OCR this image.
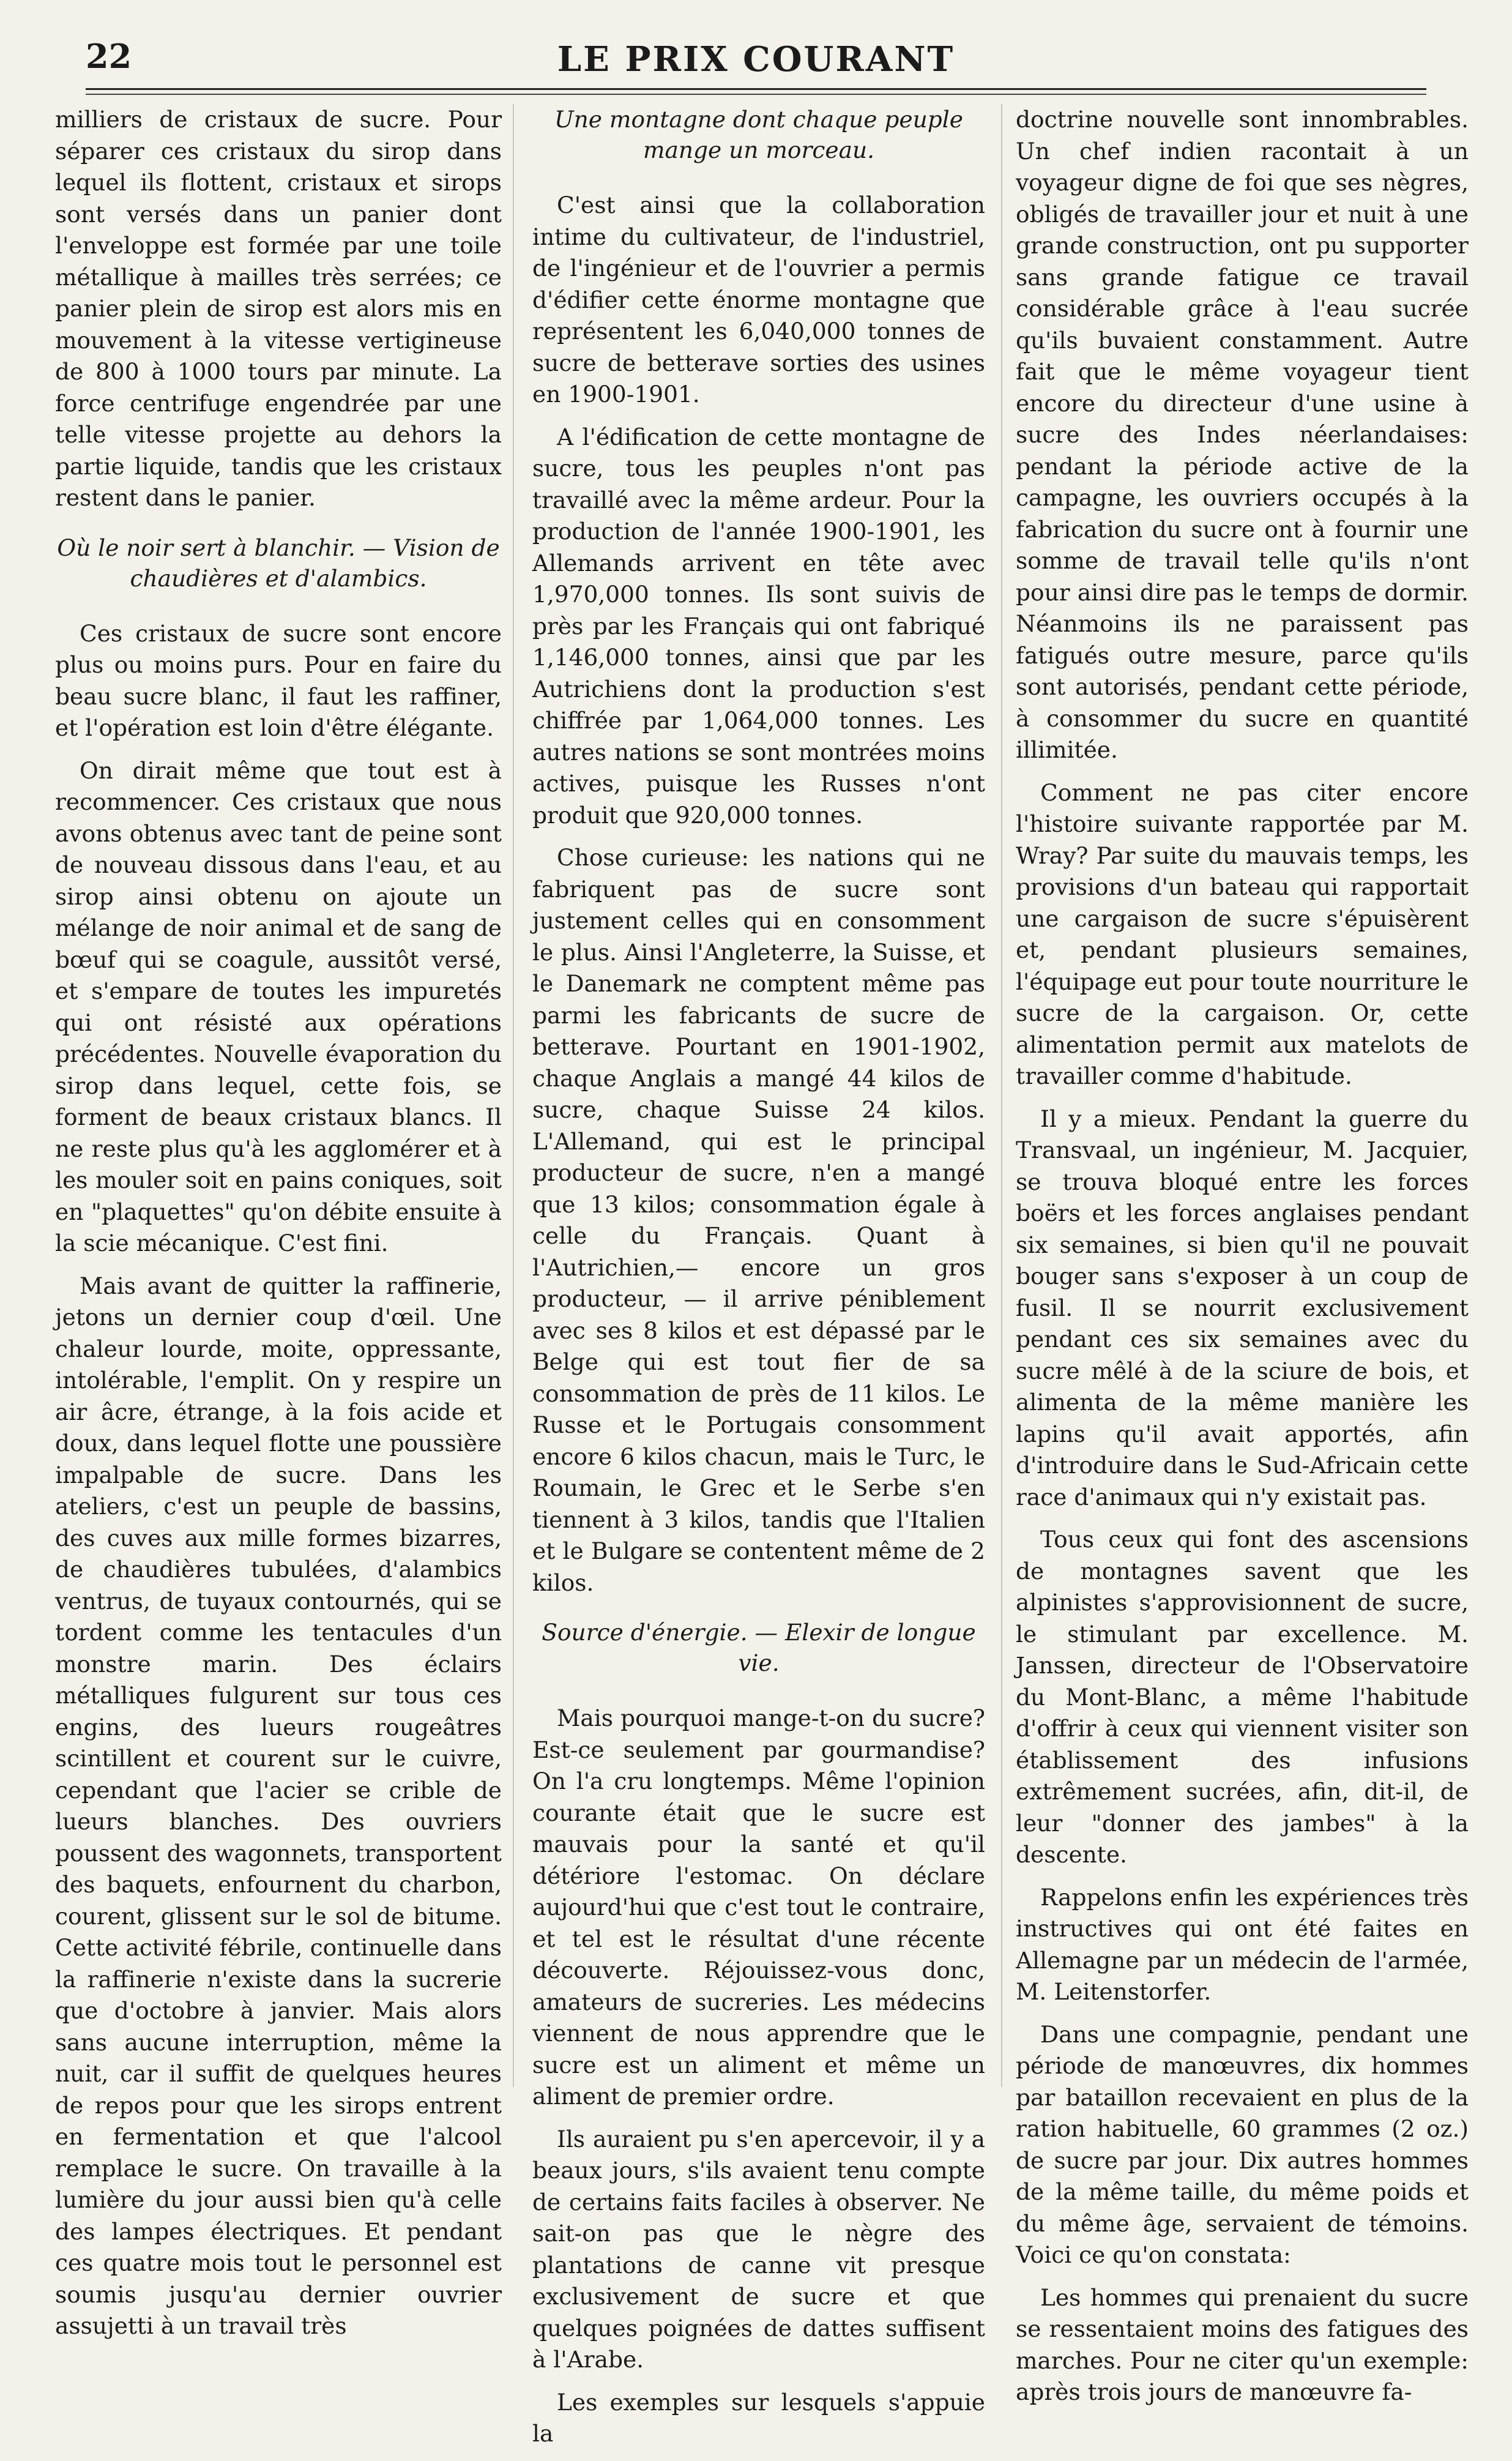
22	LE PRIX COURANT

milliers de cristaux de sucre. Pour séparer ces cristaux du sirop dans lequel ils flottent, cristaux et sirops sont versés dans un panier dont l'enveloppe est formée par une toile métallique à mailles très serrées; ce panier plein de sirop est alors mis en mouvement à la vitesse vertigineuse de 800 à 1000 tours par minute. La force centrifuge engendrée par une telle vitesse projette au dehors la partie liquide, tandis que les cristaux restent dans le panier.

Où le noir sert à blanchir. — Vision de chaudières et d'alambics.

Ces cristaux de sucre sont encore plus ou moins purs. Pour en faire du beau sucre blanc, il faut les raffiner, et l'opération est loin d'être élégante.

On dirait même que tout est à recommencer. Ces cristaux que nous avons obtenus avec tant de peine sont de nouveau dissous dans l'eau, et au sirop ainsi obtenu on ajoute un mélange de noir animal et de sang de bœuf qui se coagule, aussitôt versé, et s'empare de toutes les impuretés qui ont résisté aux opérations précédentes. Nouvelle évaporation du sirop dans lequel, cette fois, se forment de beaux cristaux blancs. Il ne reste plus qu'à les agglomérer et à les mouler soit en pains coniques, soit en "plaquettes" qu'on débite ensuite à la scie mécanique. C'est fini.

Mais avant de quitter la raffinerie, jetons un dernier coup d'œil. Une chaleur lourde, moite, oppressante, intolérable, l'emplit. On y respire un air âcre, étrange, à la fois acide et doux, dans lequel flotte une poussière impalpable de sucre. Dans les ateliers, c'est un peuple de bassins, des cuves aux mille formes bizarres, de chaudières tubulées, d'alambics ventrus, de tuyaux contournés, qui se tordent comme les tentacules d'un monstre marin. Des éclairs métalliques fulgurent sur tous ces engins, des lueurs rougeâtres scintillent et courent sur le cuivre, cependant que l'acier se crible de lueurs blanches. Des ouvriers poussent des wagonnets, transportent des baquets, enfournent du charbon, courent, glissent sur le sol de bitume. Cette activité fébrile, continuelle dans la raffinerie n'existe dans la sucrerie que d'octobre à janvier. Mais alors sans aucune interruption, même la nuit, car il suffit de quelques heures de repos pour que les sirops entrent en fermentation et que l'alcool remplace le sucre. On travaille à la lumière du jour aussi bien qu'à celle des lampes électriques. Et pendant ces quatre mois tout le personnel est soumis jusqu'au dernier ouvrier assujetti à un travail très

Une montagne dont chaque peuple mange un morceau.

C'est ainsi que la collaboration intime du cultivateur, de l'industriel, de l'ingénieur et de l'ouvrier a permis d'édifier cette énorme montagne que représentent les 6,040,000 tonnes de sucre de betterave sorties des usines en 1900-1901.

A l'édification de cette montagne de sucre, tous les peuples n'ont pas travaillé avec la même ardeur. Pour la production de l'année 1900-1901, les Allemands arrivent en tête avec 1,970,000 tonnes. Ils sont suivis de près par les Français qui ont fabriqué 1,146,000 tonnes, ainsi que par les Autrichiens dont la production s'est chiffrée par 1,064,000 tonnes. Les autres nations se sont montrées moins actives, puisque les Russes n'ont produit que 920,000 tonnes.

Chose curieuse: les nations qui ne fabriquent pas de sucre sont justement celles qui en consomment le plus. Ainsi l'Angleterre, la Suisse, et le Danemark ne comptent même pas parmi les fabricants de sucre de betterave. Pourtant en 1901-1902, chaque Anglais a mangé 44 kilos de sucre, chaque Suisse 24 kilos. L'Allemand, qui est le principal producteur de sucre, n'en a mangé que 13 kilos; consommation égale à celle du Français. Quant à l'Autrichien,— encore un gros producteur, — il arrive péniblement avec ses 8 kilos et est dépassé par le Belge qui est tout fier de sa consommation de près de 11 kilos. Le Russe et le Portugais consomment encore 6 kilos chacun, mais le Turc, le Roumain, le Grec et le Serbe s'en tiennent à 3 kilos, tandis que l'Italien et le Bulgare se contentent même de 2 kilos.

Source d'énergie. — Elexir de longue vie.

Mais pourquoi mange-t-on du sucre? Est-ce seulement par gourmandise? On l'a cru longtemps. Même l'opinion courante était que le sucre est mauvais pour la santé et qu'il détériore l'estomac. On déclare aujourd'hui que c'est tout le contraire, et tel est le résultat d'une récente découverte. Réjouissez-vous donc, amateurs de sucreries. Les médecins viennent de nous apprendre que le sucre est un aliment et même un aliment de premier ordre.

Ils auraient pu s'en apercevoir, il y a beaux jours, s'ils avaient tenu compte de certains faits faciles à observer. Ne sait-on pas que le nègre des plantations de canne vit presque exclusivement de sucre et que quelques poignées de dattes suffisent à l'Arabe.

Les exemples sur lesquels s'appuie la

doctrine nouvelle sont innombrables. Un chef indien racontait à un voyageur digne de foi que ses nègres, obligés de travailler jour et nuit à une grande construction, ont pu supporter sans grande fatigue ce travail considérable grâce à l'eau sucrée qu'ils buvaient constamment. Autre fait que le même voyageur tient encore du directeur d'une usine à sucre des Indes néerlandaises: pendant la période active de la campagne, les ouvriers occupés à la fabrication du sucre ont à fournir une somme de travail telle qu'ils n'ont pour ainsi dire pas le temps de dormir. Néanmoins ils ne paraissent pas fatigués outre mesure, parce qu'ils sont autorisés, pendant cette période, à consommer du sucre en quantité illimitée.

Comment ne pas citer encore l'histoire suivante rapportée par M. Wray? Par suite du mauvais temps, les provisions d'un bateau qui rapportait une cargaison de sucre s'épuisèrent et, pendant plusieurs semaines, l'équipage eut pour toute nourriture le sucre de la cargaison. Or, cette alimentation permit aux matelots de travailler comme d'habitude.

Il y a mieux. Pendant la guerre du Transvaal, un ingénieur, M. Jacquier, se trouva bloqué entre les forces boërs et les forces anglaises pendant six semaines, si bien qu'il ne pouvait bouger sans s'exposer à un coup de fusil. Il se nourrit exclusivement pendant ces six semaines avec du sucre mêlé à de la sciure de bois, et alimenta de la même manière les lapins qu'il avait apportés, afin d'introduire dans le Sud-Africain cette race d'animaux qui n'y existait pas.

Tous ceux qui font des ascensions de montagnes savent que les alpinistes s'approvisionnent de sucre, le stimulant par excellence. M. Janssen, directeur de l'Observatoire du Mont-Blanc, a même l'habitude d'offrir à ceux qui viennent visiter son établissement des infusions extrêmement sucrées, afin, dit-il, de leur "donner des jambes" à la descente.

Rappelons enfin les expériences très instructives qui ont été faites en Allemagne par un médecin de l'armée, M. Leitenstorfer.

Dans une compagnie, pendant une période de manœuvres, dix hommes par bataillon recevaient en plus de la ration habituelle, 60 grammes (2 oz.) de sucre par jour. Dix autres hommes de la même taille, du même poids et du même âge, servaient de témoins. Voici ce qu'on constata:

Les hommes qui prenaient du sucre se ressentaient moins des fatigues des marches. Pour ne citer qu'un exemple: après trois jours de manœuvre fa-
